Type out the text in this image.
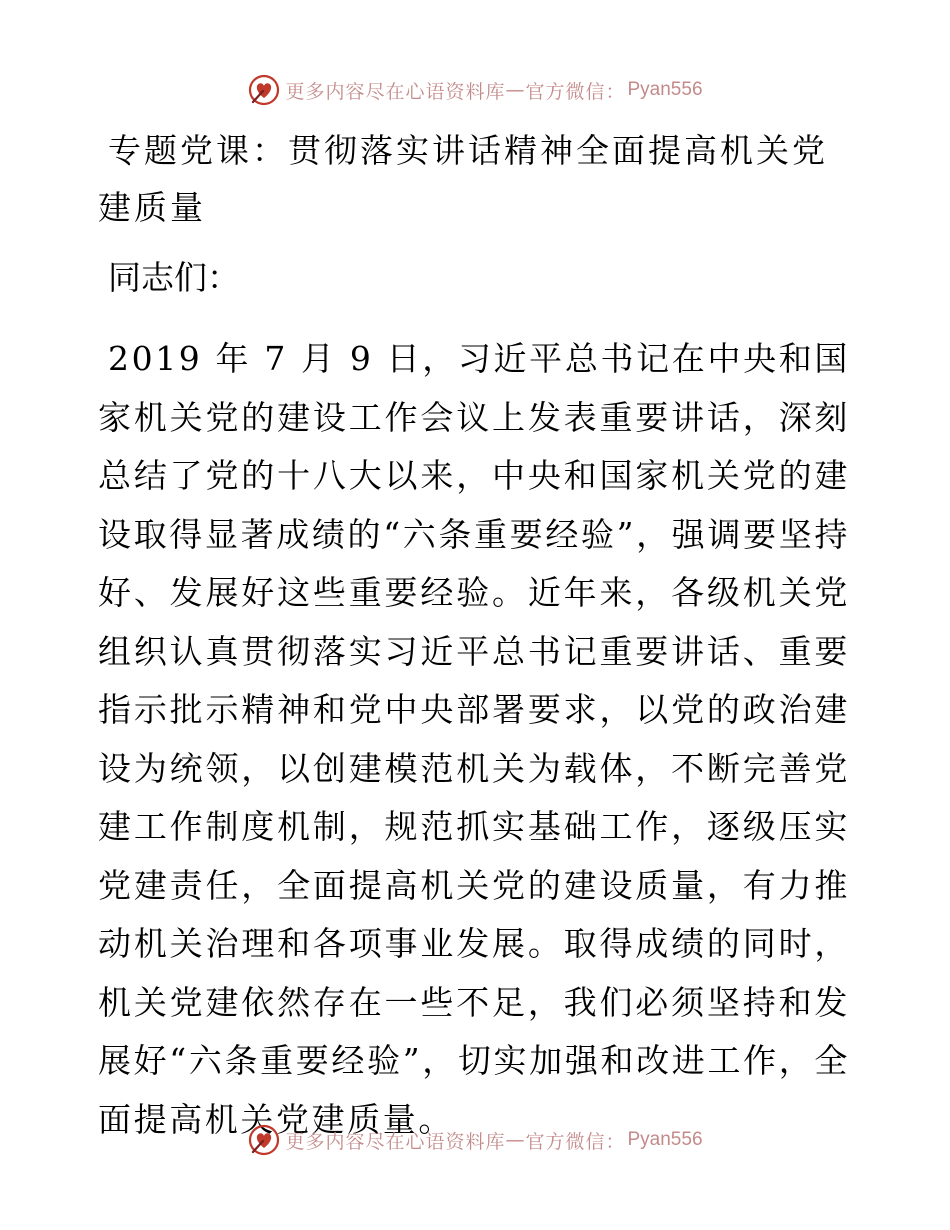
更多内容尽在心语资料库 — 官方微信： Pyan556
专题党课：贯彻落实讲话精神全面提高机关党建质量

同志们：

2019 年 7 月 9 日，习近平总书记在中央和国家机关党的建设工作会议上发表重要讲话，深刻总结了党的十八大以来，中央和国家机关党的建设取得显著成绩的“六条重要经验”，强调要坚持好、发展好这些重要经验。近年来，各级机关党组织认真贯彻落实习近平总书记重要讲话、重要指示批示精神和党中央部署要求，以党的政治建设为统领，以创建模范机关为载体，不断完善党建工作制度机制，规范抓实基础工作，逐级压实党建责任，全面提高机关党的建设质量，有力推动机关治理和各项事业发展。取得成绩的同时，机关党建依然存在一些不足，我们必须坚持和发展好“六条重要经验”，切实加强和改进工作，全面提高机关党建质量。

更多内容尽在心语资料库 — 官方微信： Pyan556
